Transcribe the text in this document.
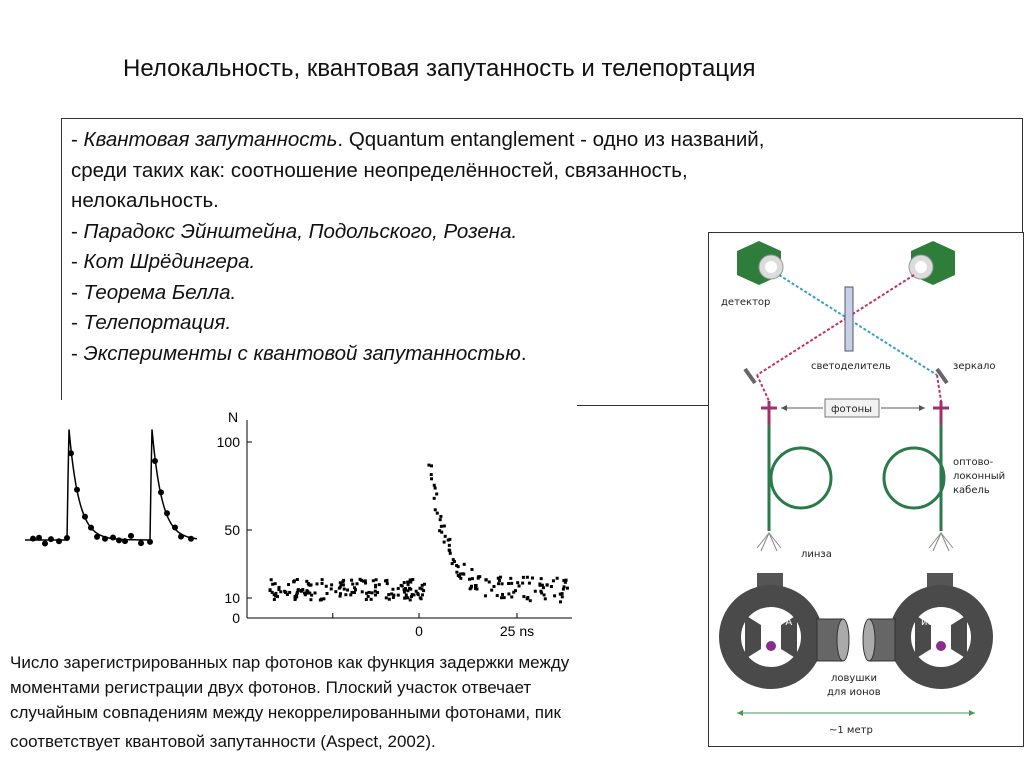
Нелокальность, квантовая запутанность и телепортация
- Квантовая запутанность. Qquantum entanglement - одно из названий,
среди таких как: соотношение неопределённостей, связанность,
нелокальность.
- Парадокс Эйнштейна, Подольского, Розена.
- Кот Шрёдингера.
- Теорема Белла.
- Телепортация.
- Эксперименты с квантовой запутанностью.
N
100
50
10
0
0	25 ns
Число зарегистрированных пар фотонов как функция задержки между
моментами регистрации двух фотонов. Плоский участок отвечает
случайным совпадениям между некоррелированными фотонами, пик
соответствует квантовой запутанности (Aspect, 2002).
детектор
светоделитель	зеркало
фотоны
оптово-
локонный
кабель
линза
ион А	ион Б
ловушки
для ионов
~1 метр
